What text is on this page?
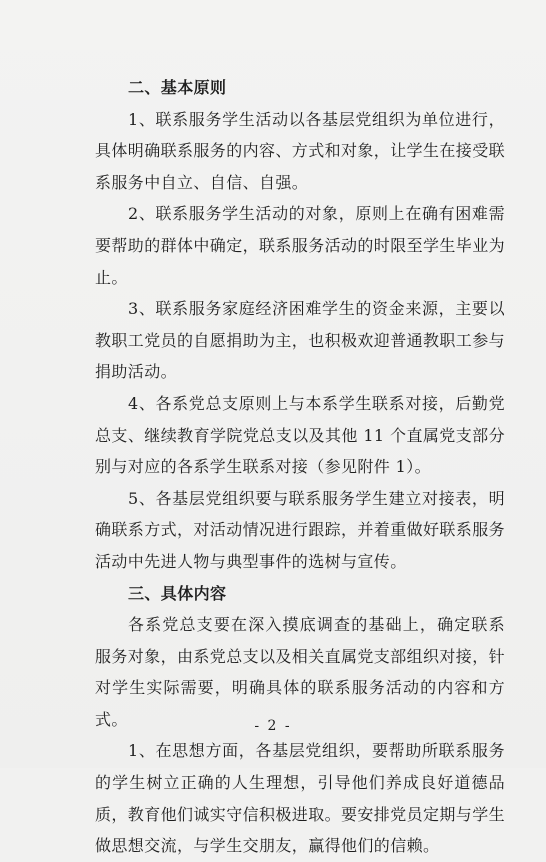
二、基本原则

1、联系服务学生活动以各基层党组织为单位进行，具体明确联系服务的内容、方式和对象，让学生在接受联系服务中自立、自信、自强。

2、联系服务学生活动的对象，原则上在确有困难需要帮助的群体中确定，联系服务活动的时限至学生毕业为止。

3、联系服务家庭经济困难学生的资金来源，主要以教职工党员的自愿捐助为主，也积极欢迎普通教职工参与捐助活动。

4、各系党总支原则上与本系学生联系对接，后勤党总支、继续教育学院党总支以及其他 11 个直属党支部分别与对应的各系学生联系对接（参见附件 1）。

5、各基层党组织要与联系服务学生建立对接表，明确联系方式，对活动情况进行跟踪，并着重做好联系服务活动中先进人物与典型事件的选树与宣传。

三、具体内容

各系党总支要在深入摸底调查的基础上，确定联系服务对象，由系党总支以及相关直属党支部组织对接，针对学生实际需要，明确具体的联系服务活动的内容和方式。

1、在思想方面，各基层党组织，要帮助所联系服务的学生树立正确的人生理想，引导他们养成良好道德品质，教育他们诚实守信积极进取。要安排党员定期与学生做思想交流，与学生交朋友，赢得他们的信赖。

- 2 -
